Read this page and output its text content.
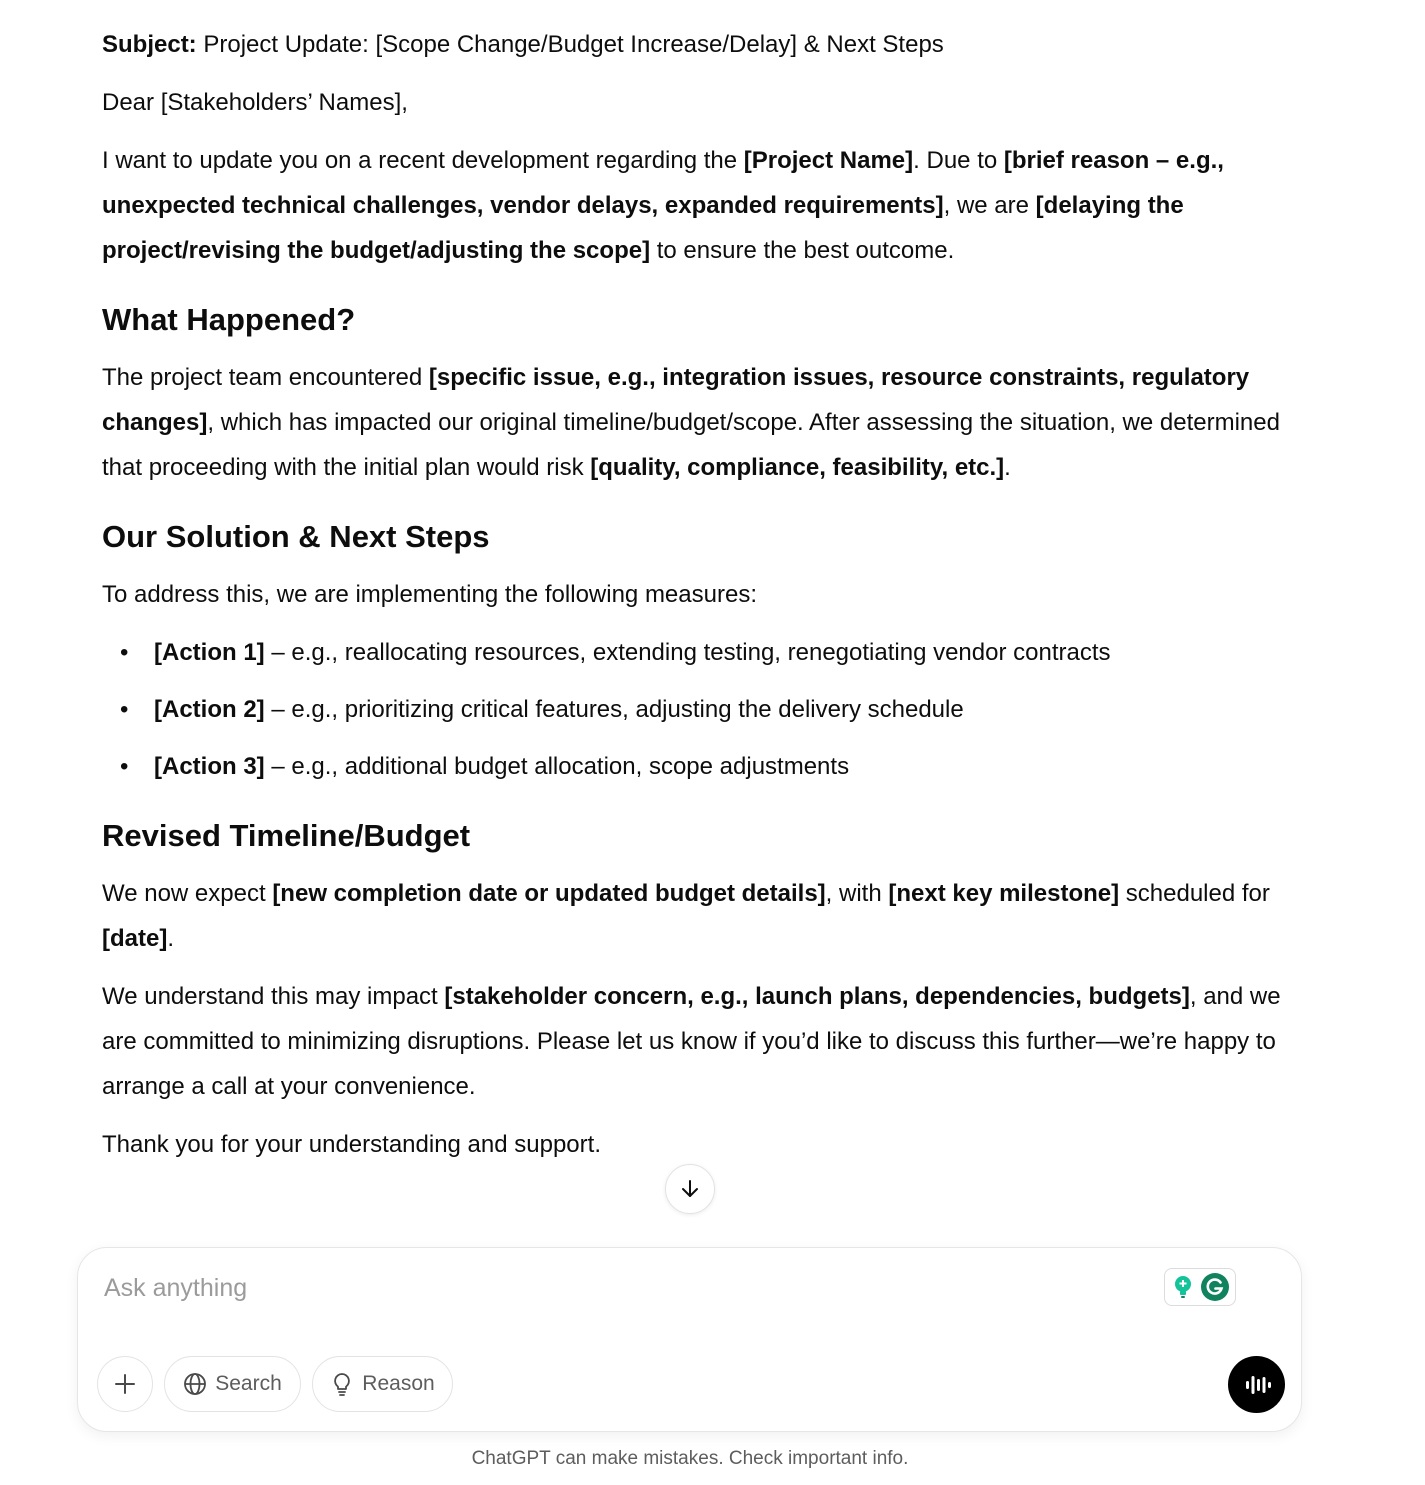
Subject: Project Update: [Scope Change/Budget Increase/Delay] & Next Steps

Dear [Stakeholders’ Names],

I want to update you on a recent development regarding the [Project Name]. Due to [brief reason – e.g., unexpected technical challenges, vendor delays, expanded requirements], we are [delaying the project/revising the budget/adjusting the scope] to ensure the best outcome.

What Happened?

The project team encountered [specific issue, e.g., integration issues, resource constraints, regulatory changes], which has impacted our original timeline/budget/scope. After assessing the situation, we determined that proceeding with the initial plan would risk [quality, compliance, feasibility, etc.].

Our Solution & Next Steps

To address this, we are implementing the following measures:

• [Action 1] – e.g., reallocating resources, extending testing, renegotiating vendor contracts
• [Action 2] – e.g., prioritizing critical features, adjusting the delivery schedule
• [Action 3] – e.g., additional budget allocation, scope adjustments
Revised Timeline/Budget

We now expect [new completion date or updated budget details], with [next key milestone] scheduled for [date].

We understand this may impact [stakeholder concern, e.g., launch plans, dependencies, budgets], and we are committed to minimizing disruptions. Please let us know if you’d like to discuss this further—we’re happy to arrange a call at your convenience.

Thank you for your understanding and support.

Ask anything
Search	Reason
ChatGPT can make mistakes. Check important info.
